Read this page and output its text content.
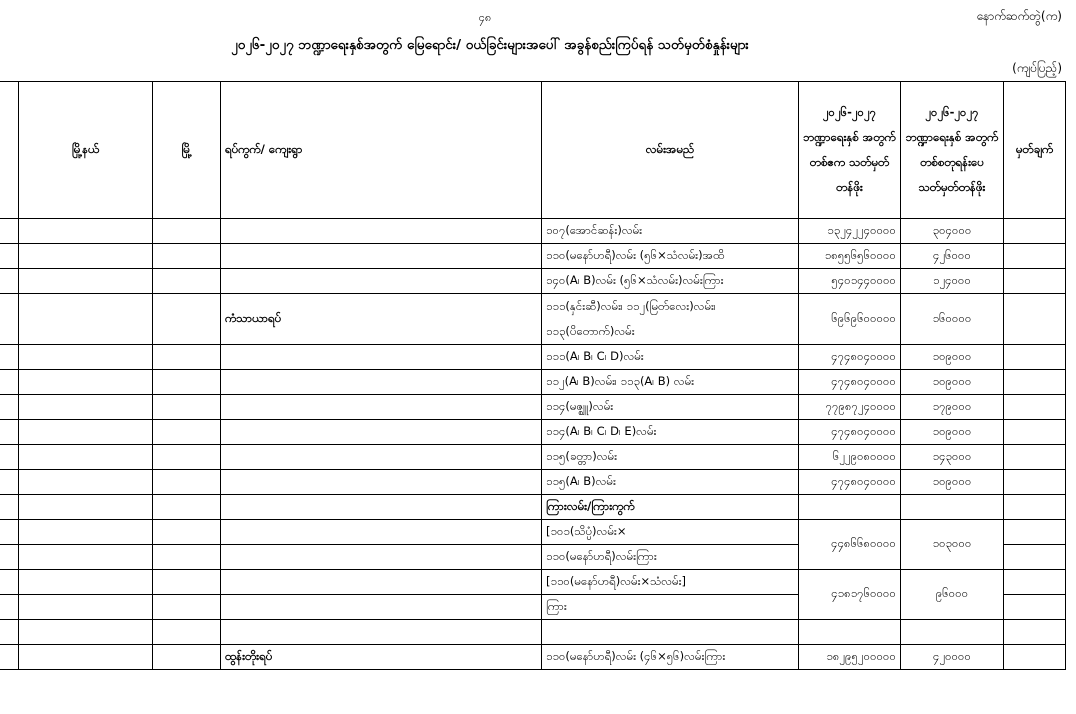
၄၈	နောက်ဆက်တွဲ(က)
၂၀၂၆-၂၀၂၇ ဘဏ္ဍာရေးနှစ်အတွက် မြေရောင်း/ ဝယ်ခြင်းများအပေါ် အခွန်စည်းကြပ်ရန် သတ်မှတ်စံနှုန်းများ
(ကျပ်ပြည့်)
	မြို့နယ်	မြို့	ရပ်ကွက်/ ကျေးရွာ	လမ်းအမည်	၂၀၂၆-၂၀၂၇ ဘဏ္ဍာရေးနှစ် အတွက် တစ်ဧက သတ်မှတ်တန်ဖိုး	၂၀၂၆-၂၀၂၇ ဘဏ္ဍာရေးနှစ် အတွက် တစ်စတုရန်းပေ သတ်မှတ်တန်ဖိုး	မှတ်ချက်
				၁၀၇(အောင်ဆန်း)လမ်း	၁၃၂၄၂၂၄၀၀၀၀	၃၀၄၀၀၀	
				၁၁၀(မနော်ဟရီ)လမ်း (၅၆×သံလမ်း)အထိ	၁၈၅၅၆၅၆၀၀၀၀	၄၂၆၀၀၀	
				၁၄၀(A၊ B)လမ်း (၅၆×သံလမ်း)လမ်းကြား	၅၄၀၁၄၄၀၀၀၀	၁၂၄၀၀၀	
			ကံသာယာရပ်	၁၁၁(နှင်းဆီ)လမ်း၊ ၁၁၂(မြတ်လေး)လမ်း၊
၁၁၃(ပိတောက်)လမ်း	၆၉၆၉၆၀၀၀၀၀	၁၆၀၀၀၀	
				၁၁၁(A၊ B၊ C၊ D)လမ်း	၄၇၄၈၀၄၀၀၀၀	၁၀၉၀၀၀	
				၁၁၂(A၊ B)လမ်း၊ ၁၁၃(A၊ B) လမ်း	၄၇၄၈၀၄၀၀၀၀	၁၀၉၀၀၀	
				၁၁၄(မဇ္ဈူ)လမ်း	၇၇၉၈၇၂၄၀၀၀၀	၁၇၉၀၀၀	
				၁၁၄(A၊ B၊ C၊ D၊ E)လမ်း	၄၇၄၈၀၄၀၀၀၀	၁၀၉၀၀၀	
				၁၁၅(ခတ္တာ)လမ်း	၆၂၂၉၀၈၀၀၀၀	၁၄၃၀၀၀	
				၁၁၅(A၊ B)လမ်း	၄၇၄၈၀၄၀၀၀၀	၁၀၉၀၀၀	
				ကြားလမ်း/ကြားကွက်			
				[၁၀၁(သိပ္ပံ)လမ်း×	၄၄၈၆၆၈၀၀၀၀	၁၀၃၀၀၀	
				၁၁၀(မနော်ဟရီ)လမ်းကြား			
				[၁၁၀(မနော်ဟရီ)လမ်း×သံလမ်း]	၄၁၈၁၇၆၀၀၀၀	၉၆၀၀၀	
				ကြား			

			ထွန်းတိုးရပ်	၁၁၀(မနော်ဟရီ)လမ်း (၄၆×၅၆)လမ်းကြား	၁၈၂၉၅၂၀၀၀၀၀	၄၂၀၀၀၀	
